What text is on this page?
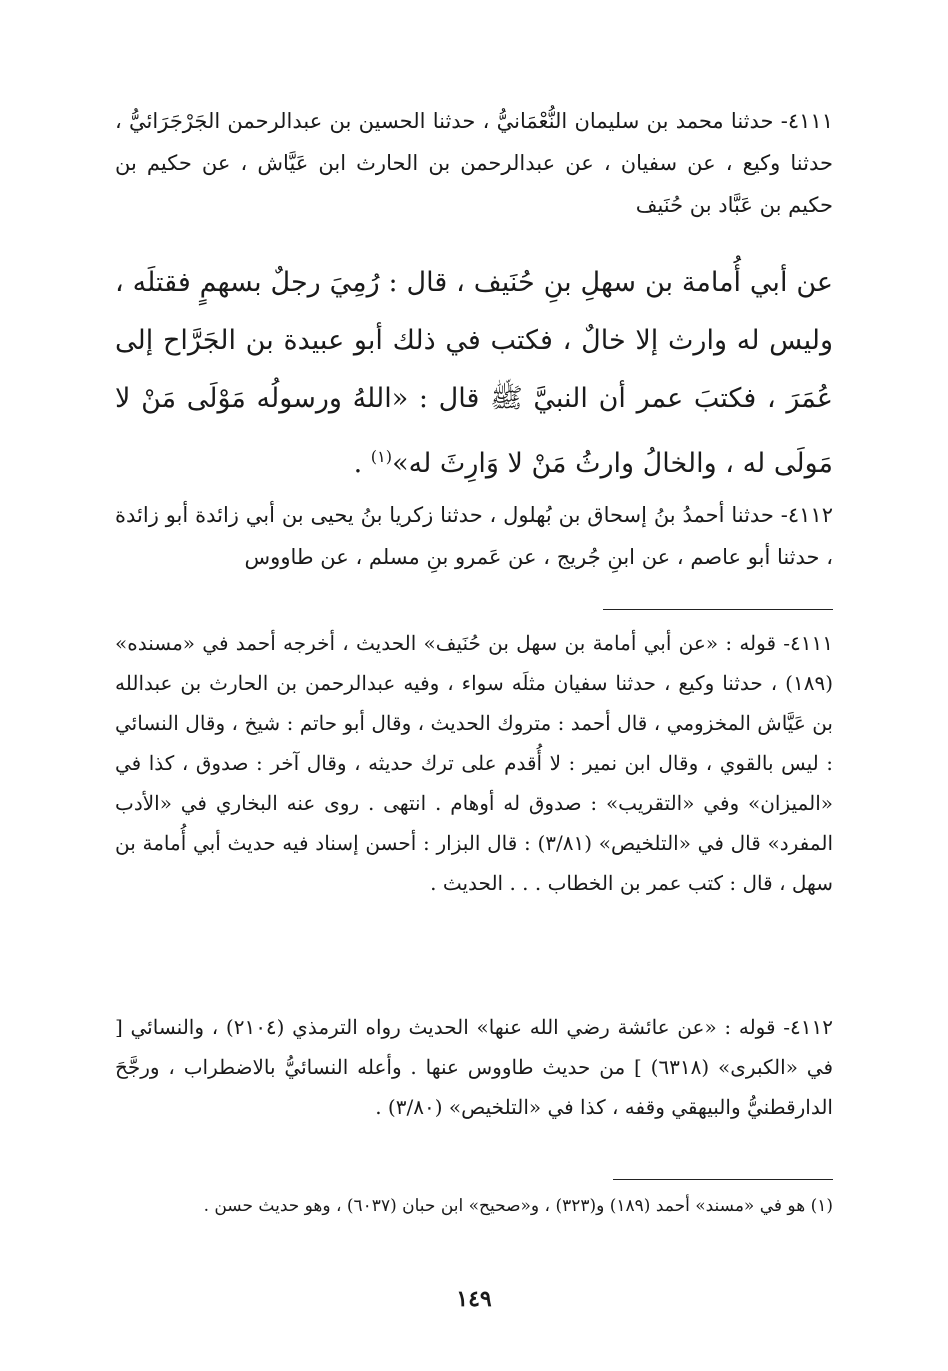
٤١١١- حدثنا محمد بن سليمان النُّعْمَانيُّ ، حدثنا الحسين بن عبدالرحمن الجَرْجَرَائيُّ ، حدثنا وكيع ، عن سفيان ، عن عبدالرحمن بن الحارث ابن عَيَّاش ، عن حكيم بن حكيم بن عَبَّاد بن حُنَيف

عن أبي أُمامة بن سهلِ بنِ حُنَيف ، قال : رُمِيَ رجلٌ بسهمٍ فقتلَه ، وليس له وارث إلا خالٌ ، فكتب في ذلك أبو عبيدة بن الجَرَّاح إلى عُمَرَ ، فكتبَ عمر أن النبيَّ ﷺ قال : «اللهُ ورسولُه مَوْلَى مَنْ لا مَولَى له ، والخالُ وارثُ مَنْ لا وَارِثَ له»$^{(١)}$ .

٤١١٢- حدثنا أحمدُ بنُ إسحاق بن بُهلول ، حدثنا زكريا بنُ يحيى بن أبي زائدة أبو زائدة ، حدثنا أبو عاصم ، عن ابنِ جُريج ، عن عَمرو بنِ مسلم ، عن طاووس

٤١١١- قوله : «عن أبي أمامة بن سهل بن حُنَيف» الحديث ، أخرجه أحمد في «مسنده» (١٨٩) ، حدثنا وكيع ، حدثنا سفيان مثلَه سواء ، وفيه عبدالرحمن بن الحارث بن عبدالله بن عَيَّاش المخزومي ، قال أحمد : متروك الحديث ، وقال أبو حاتم : شيخ ، وقال النسائي : ليس بالقوي ، وقال ابن نمير : لا أُقدم على ترك حديثه ، وقال آخر : صدوق ، كذا في «الميزان» وفي «التقريب» : صدوق له أوهام . انتهى . روى عنه البخاري في «الأدب المفرد» قال في «التلخيص» (٣/٨١) : قال البزار : أحسن إسناد فيه حديث أبي أُمامة بن سهل ، قال : كتب عمر بن الخطاب . . . الحديث .

٤١١٢- قوله : «عن عائشة رضي الله عنها» الحديث رواه الترمذي (٢١٠٤) ، والنسائي [ في «الكبرى» (٦٣١٨) ] من حديث طاووس عنها . وأعله النسائيُّ بالاضطراب ، ورجَّحَ الدارقطنيُّ والبيهقي وقفه ، كذا في «التلخيص» (٣/٨٠) .

(١) هو في «مسند» أحمد (١٨٩) و(٣٢٣) ، و«صحيح» ابن حبان (٦٠٣٧) ، وهو حديث حسن .

١٤٩
